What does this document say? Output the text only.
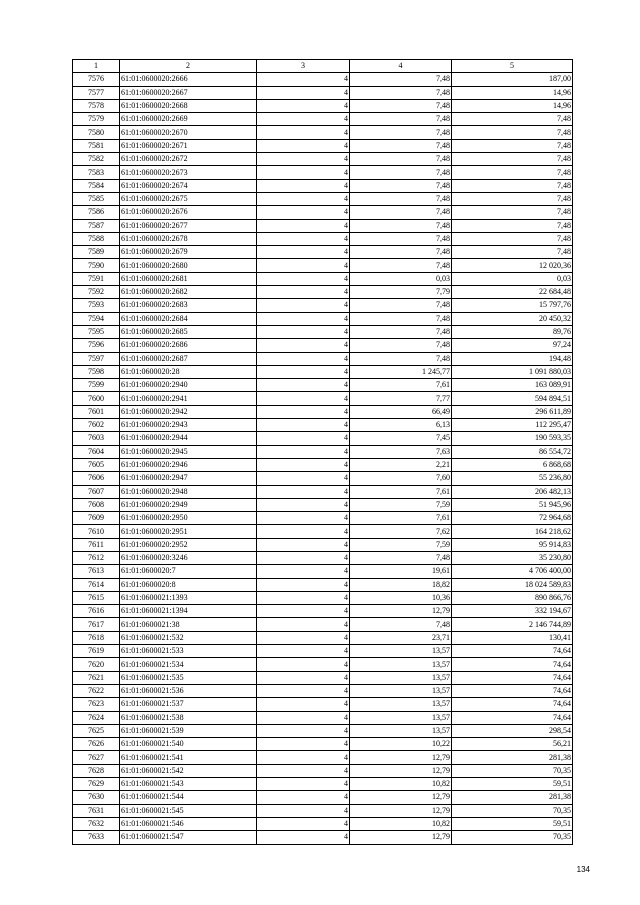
1	2	3	4	5
7576	61:01:0600020:2666	4	7,48	187,00
7577	61:01:0600020:2667	4	7,48	14,96
7578	61:01:0600020:2668	4	7,48	14,96
7579	61:01:0600020:2669	4	7,48	7,48
7580	61:01:0600020:2670	4	7,48	7,48
7581	61:01:0600020:2671	4	7,48	7,48
7582	61:01:0600020:2672	4	7,48	7,48
7583	61:01:0600020:2673	4	7,48	7,48
7584	61:01:0600020:2674	4	7,48	7,48
7585	61:01:0600020:2675	4	7,48	7,48
7586	61:01:0600020:2676	4	7,48	7,48
7587	61:01:0600020:2677	4	7,48	7,48
7588	61:01:0600020:2678	4	7,48	7,48
7589	61:01:0600020:2679	4	7,48	7,48
7590	61:01:0600020:2680	4	7,48	12 020,36
7591	61:01:0600020:2681	4	0,03	0,03
7592	61:01:0600020:2682	4	7,79	22 684,48
7593	61:01:0600020:2683	4	7,48	15 797,76
7594	61:01:0600020:2684	4	7,48	20 450,32
7595	61:01:0600020:2685	4	7,48	89,76
7596	61:01:0600020:2686	4	7,48	97,24
7597	61:01:0600020:2687	4	7,48	194,48
7598	61:01:0600020:28	4	1 245,77	1 091 880,03
7599	61:01:0600020:2940	4	7,61	163 089,91
7600	61:01:0600020:2941	4	7,77	594 894,51
7601	61:01:0600020:2942	4	66,49	296 611,89
7602	61:01:0600020:2943	4	6,13	112 295,47
7603	61:01:0600020:2944	4	7,45	190 593,35
7604	61:01:0600020:2945	4	7,63	86 554,72
7605	61:01:0600020:2946	4	2,21	6 868,68
7606	61:01:0600020:2947	4	7,60	55 236,80
7607	61:01:0600020:2948	4	7,61	206 482,13
7608	61:01:0600020:2949	4	7,59	51 945,96
7609	61:01:0600020:2950	4	7,61	72 964,68
7610	61:01:0600020:2951	4	7,62	164 218,62
7611	61:01:0600020:2952	4	7,59	95 914,83
7612	61:01:0600020:3246	4	7,48	35 230,80
7613	61:01:0600020:7	4	19,61	4 706 400,00
7614	61:01:0600020:8	4	18,82	18 024 589,83
7615	61:01:0600021:1393	4	10,36	890 866,76
7616	61:01:0600021:1394	4	12,79	332 194,67
7617	61:01:0600021:38	4	7,48	2 146 744,89
7618	61:01:0600021:532	4	23,71	130,41
7619	61:01:0600021:533	4	13,57	74,64
7620	61:01:0600021:534	4	13,57	74,64
7621	61:01:0600021:535	4	13,57	74,64
7622	61:01:0600021:536	4	13,57	74,64
7623	61:01:0600021:537	4	13,57	74,64
7624	61:01:0600021:538	4	13,57	74,64
7625	61:01:0600021:539	4	13,57	298,54
7626	61:01:0600021:540	4	10,22	56,21
7627	61:01:0600021:541	4	12,79	281,38
7628	61:01:0600021:542	4	12,79	70,35
7629	61:01:0600021:543	4	10,82	59,51
7630	61:01:0600021:544	4	12,79	281,38
7631	61:01:0600021:545	4	12,79	70,35
7632	61:01:0600021:546	4	10,82	59,51
7633	61:01:0600021:547	4	12,79	70,35
134
